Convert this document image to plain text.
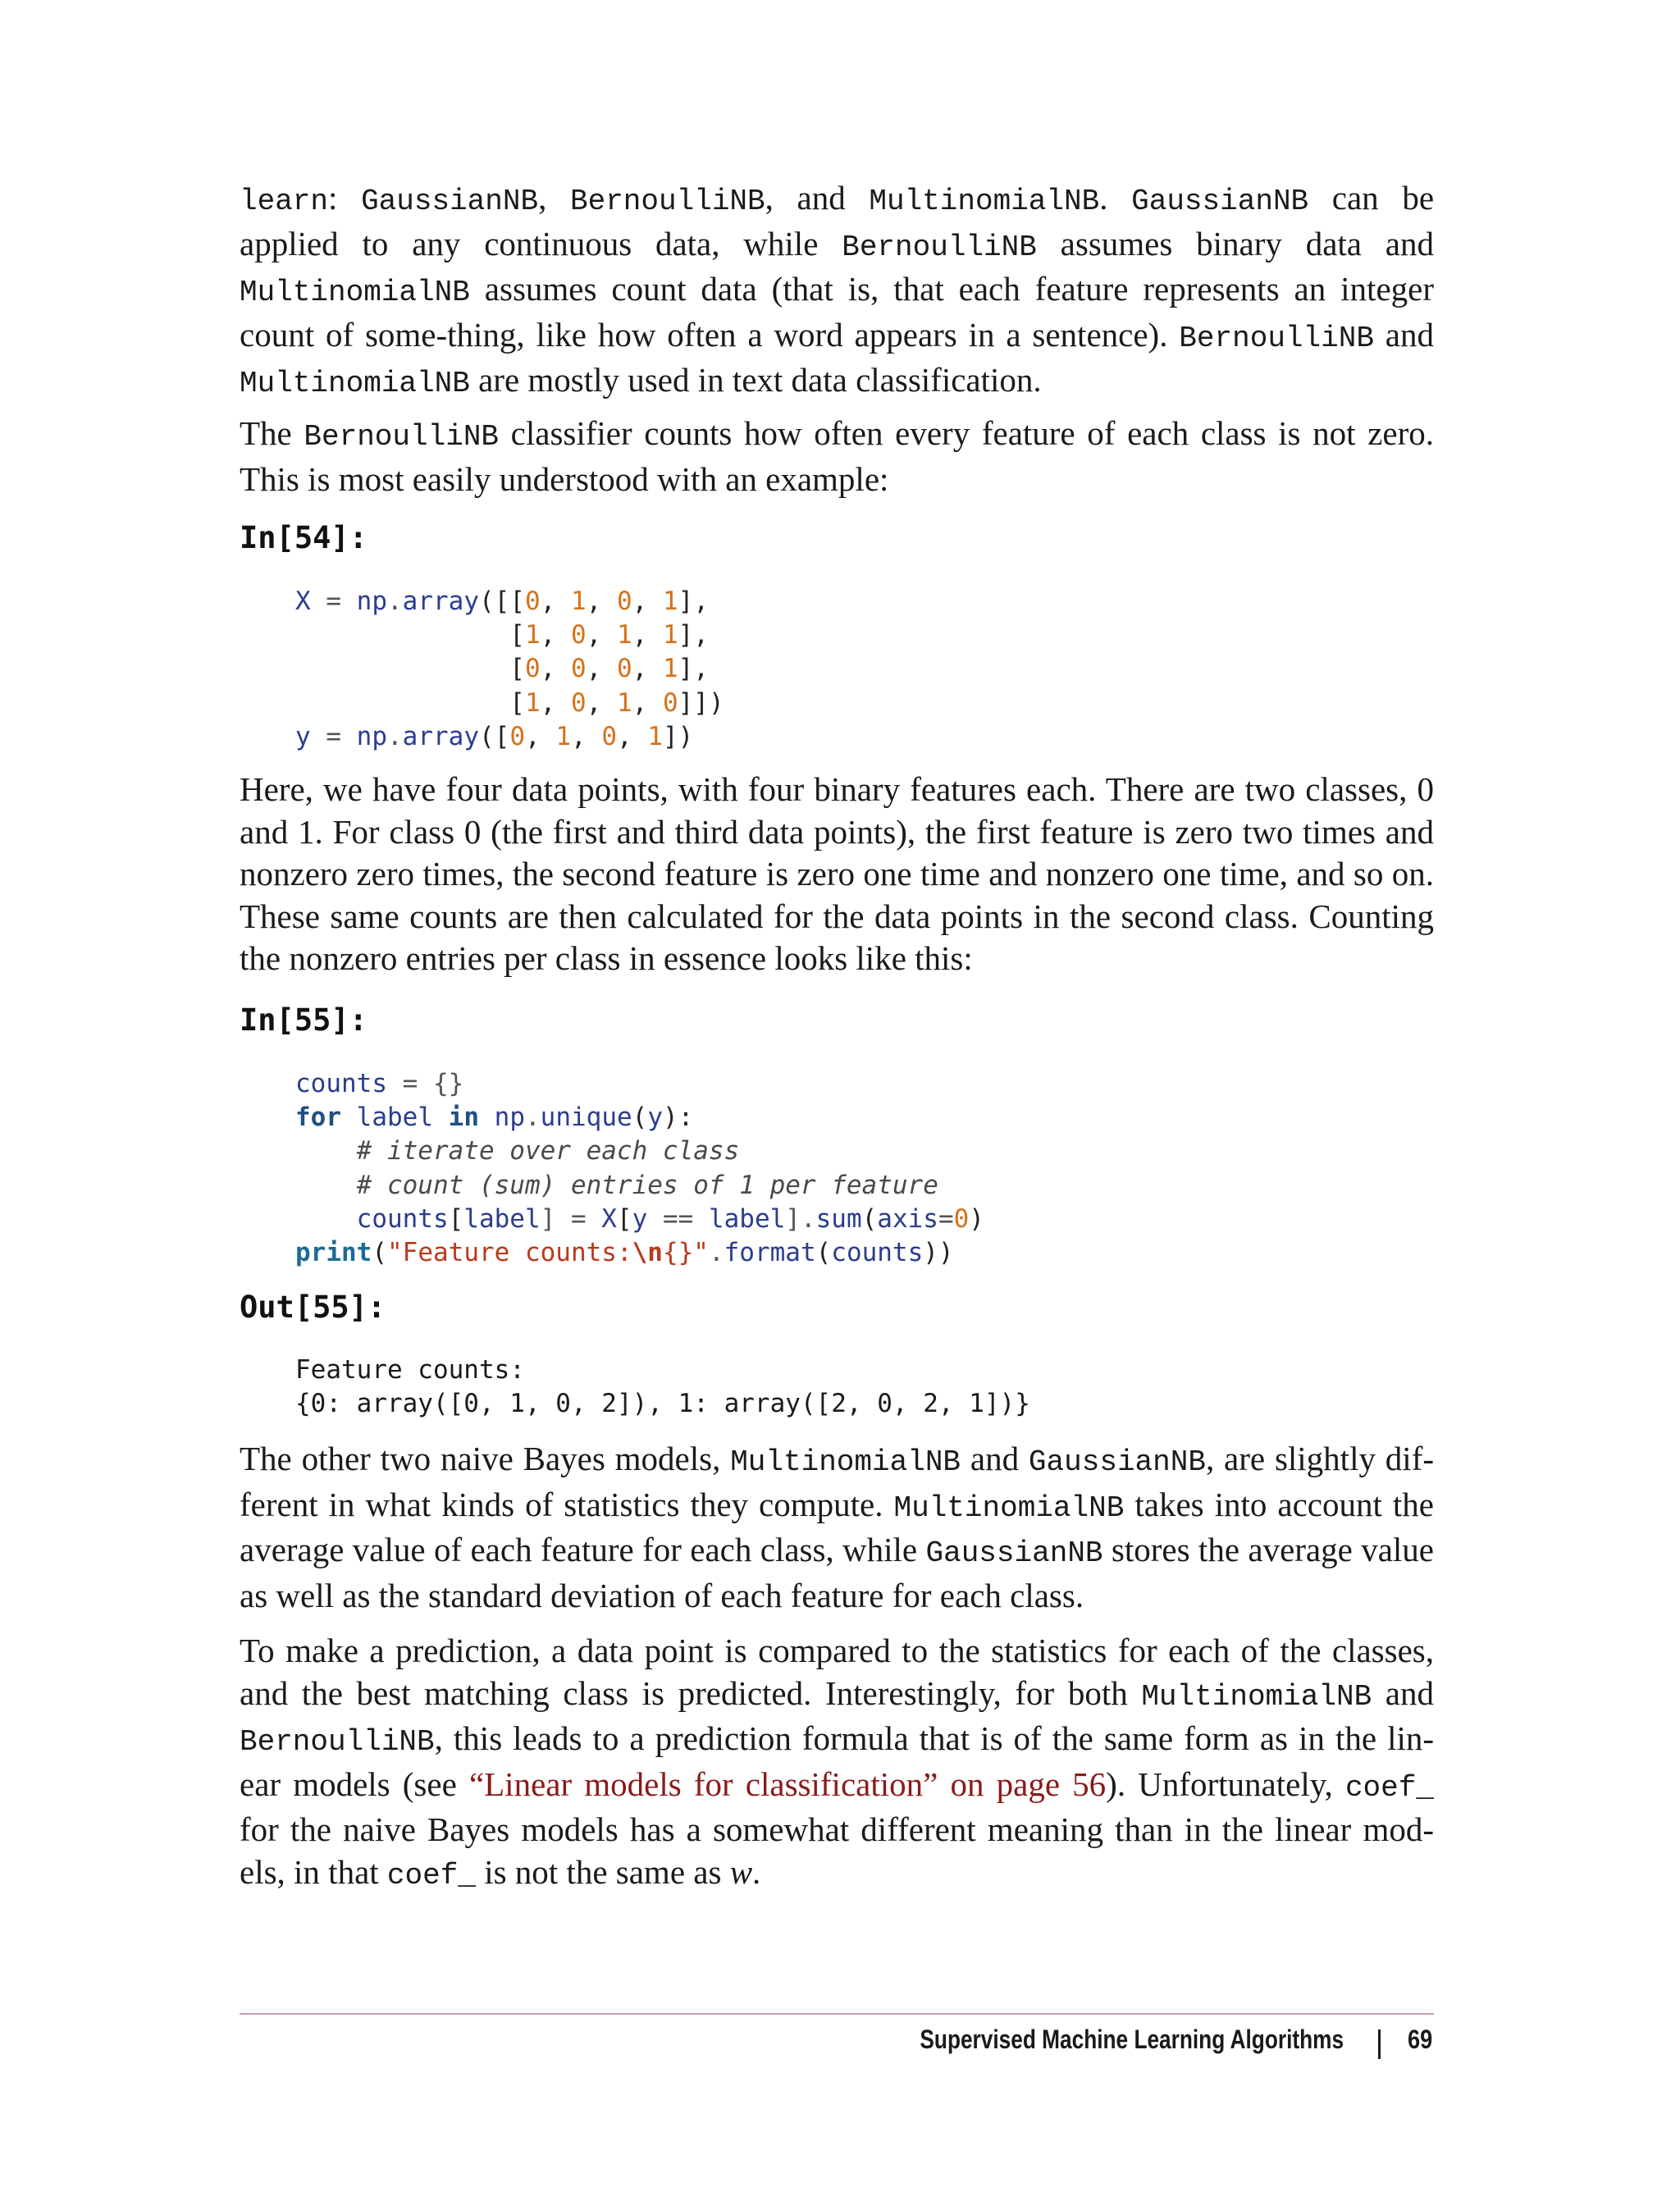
learn: GaussianNB, BernoulliNB, and MultinomialNB. GaussianNB can be applied to any continuous data, while BernoulliNB assumes binary data and MultinomialNB assumes count data (that is, that each feature represents an integer count of some-thing, like how often a word appears in a sentence). BernoulliNB and MultinomialNB are mostly used in text data classification.

The BernoulliNB classifier counts how often every feature of each class is not zero. This is most easily understood with an example:

In[54]:
X = np.array([[0, 1, 0, 1],
[1, 0, 1, 1],
[0, 0, 0, 1],
[1, 0, 1, 0]])
y = np.array([0, 1, 0, 1])

Here, we have four data points, with four binary features each. There are two classes, 0 and 1. For class 0 (the first and third data points), the first feature is zero two times and nonzero zero times, the second feature is zero one time and nonzero one time, and so on. These same counts are then calculated for the data points in the second class. Counting the nonzero entries per class in essence looks like this:

In[55]:
counts = {}
for label in np.unique(y):
# iterate over each class
# count (sum) entries of 1 per feature
counts[label] = X[y == label].sum(axis=0)
print("Feature counts:\n{}".format(counts))
Out[55]:
Feature counts:
{0: array([0, 1, 0, 2]), 1: array([2, 0, 2, 1])}

The other two naive Bayes models, MultinomialNB and GaussianNB, are slightly dif-ferent in what kinds of statistics they compute. MultinomialNB takes into account the average value of each feature for each class, while GaussianNB stores the average value as well as the standard deviation of each feature for each class.

To make a prediction, a data point is compared to the statistics for each of the classes, and the best matching class is predicted. Interestingly, for both MultinomialNB and BernoulliNB, this leads to a prediction formula that is of the same form as in the lin-ear models (see “Linear models for classification” on page 56). Unfortunately, coef_ for the naive Bayes models has a somewhat different meaning than in the linear mod-els, in that coef_ is not the same as w.

Supervised Machine Learning Algorithms 69
